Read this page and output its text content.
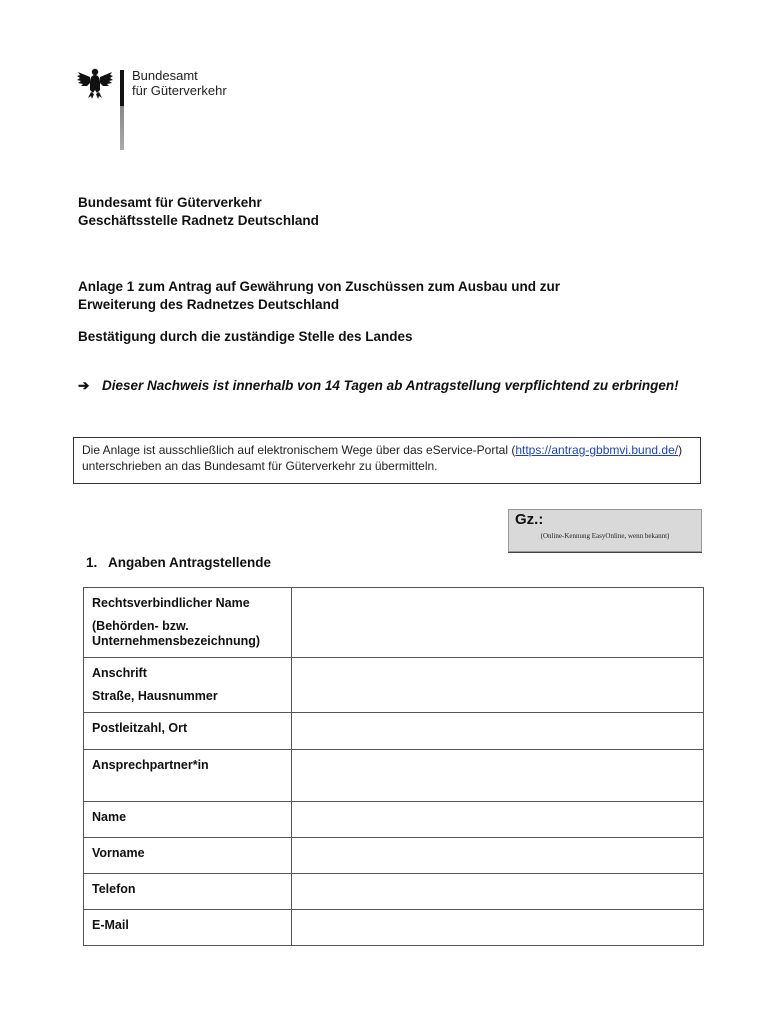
Bundesamt
für Güterverkehr
Bundesamt für Güterverkehr
Geschäftsstelle Radnetz Deutschland
Anlage 1 zum Antrag auf Gewährung von Zuschüssen zum Ausbau und zur
Erweiterung des Radnetzes Deutschland
Bestätigung durch die zuständige Stelle des Landes
➔ Dieser Nachweis ist innerhalb von 14 Tagen ab Antragstellung verpflichtend zu erbringen!
Die Anlage ist ausschließlich auf elektronischem Wege über das eService-Portal (https://antrag-gbbmvi.bund.de/) unterschrieben an das Bundesamt für Güterverkehr zu übermitteln.
Gz.:
(Online-Kennung EasyOnline, wenn bekannt)
1. Angaben Antragstellende

Rechtsverbindlicher Name

(Behörden- bzw. Unternehmensbezeichnung)	

Anschrift

Straße, Hausnummer	

Postleitzahl, Ort	

Ansprechpartner*in	

Name	

Vorname	

Telefon	

E-Mail	
